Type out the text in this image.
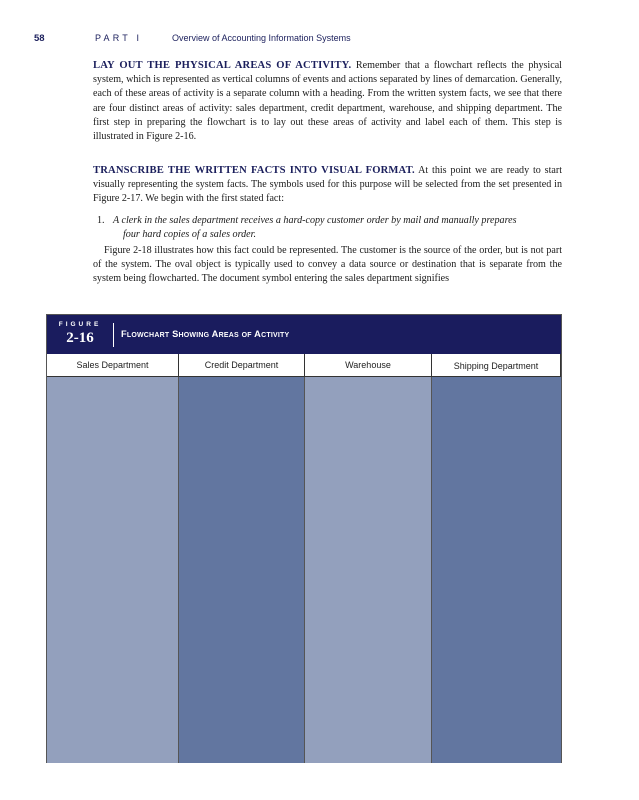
58	PART I	Overview of Accounting Information Systems
LAY OUT THE PHYSICAL AREAS OF ACTIVITY. Remember that a flowchart reflects the physical system, which is represented as vertical columns of events and actions separated by lines of demarcation. Generally, each of these areas of activity is a separate column with a heading. From the written system facts, we see that there are four distinct areas of activity: sales department, credit department, warehouse, and shipping department. The first step in preparing the flowchart is to lay out these areas of activity and label each of them. This step is illustrated in Figure 2-16.
TRANSCRIBE THE WRITTEN FACTS INTO VISUAL FORMAT. At this point we are ready to start visually representing the system facts. The symbols used for this purpose will be selected from the set presented in Figure 2-17. We begin with the first stated fact:
1. A clerk in the sales department receives a hard-copy customer order by mail and manually prepares
four hard copies of a sales order.
Figure 2-18 illustrates how this fact could be represented. The customer is the source of the order, but is not part of the system. The oval object is typically used to convey a data source or destination that is separate from the system being flowcharted. The document symbol entering the sales department signifies
FIGURE
2-16	Flowchart Showing Areas of Activity
Sales Department	Credit Department	Warehouse	Shipping Department
